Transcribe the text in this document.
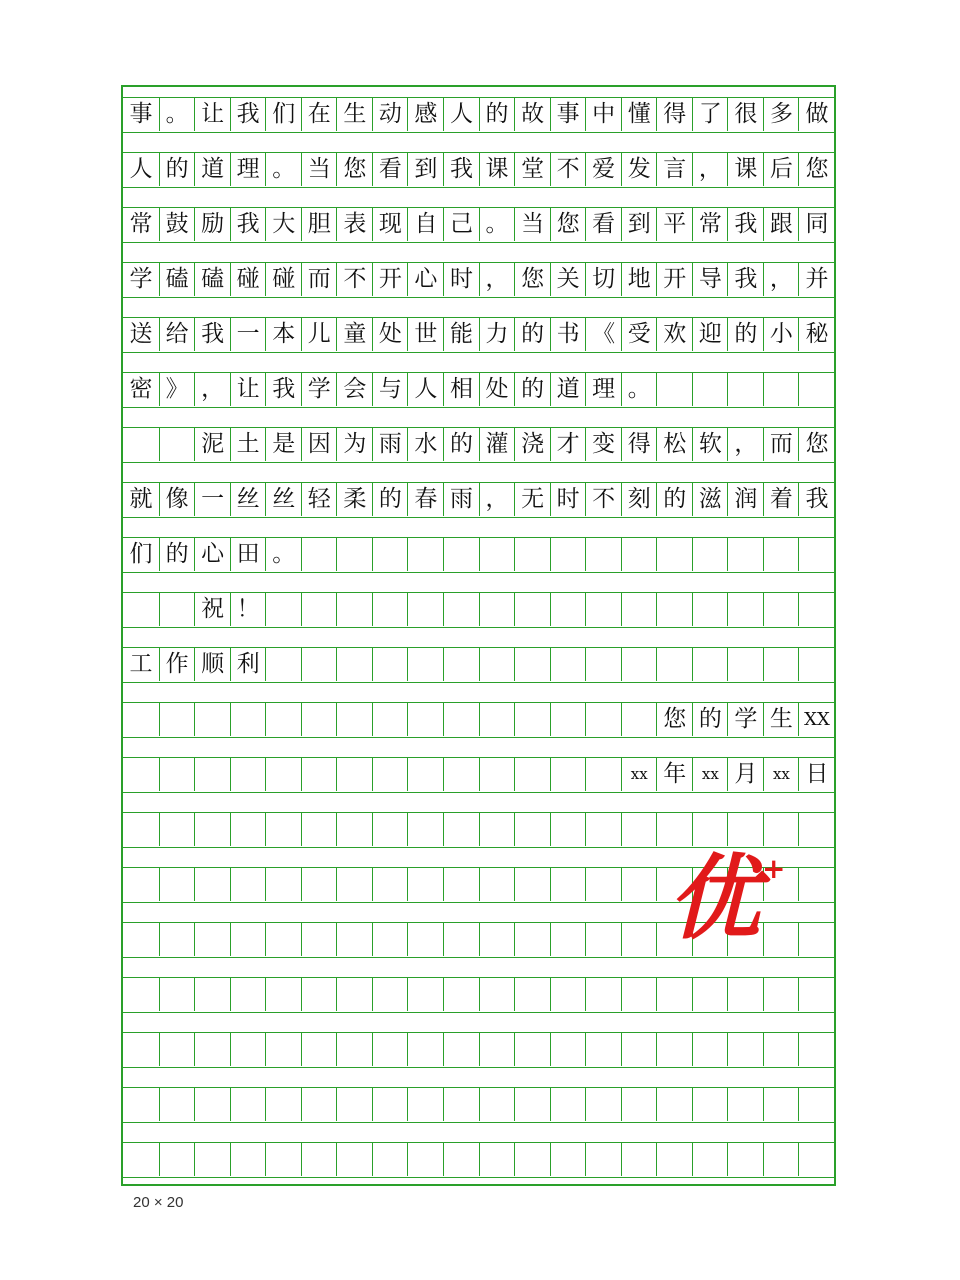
事 。 让 我 们 在 生 动 感 人 的 故 事 中 懂 得 了 很 多 做
人 的 道 理 。 当 您 看 到 我 课 堂 不 爱 发 言 ， 课 后 您
常 鼓 励 我 大 胆 表 现 自 己 。 当 您 看 到 平 常 我 跟 同
学 磕 磕 碰 碰 而 不 开 心 时 ， 您 关 切 地 开 导 我 ， 并
送 给 我 一 本 儿 童 处 世 能 力 的 书 《 受 欢 迎 的 小 秘
密 》 ， 让 我 学 会 与 人 相 处 的 道 理 。
泥 土 是 因 为 雨 水 的 灌 浇 才 变 得 松 软 ， 而 您
就 像 一 丝 丝 轻 柔 的 春 雨 ， 无 时 不 刻 的 滋 润 着 我
们 的 心 田 。
祝 ！
工 作 顺 利
您 的 学 生 XX
xx 年	xx 月	xx 日
优 +
20 × 20
